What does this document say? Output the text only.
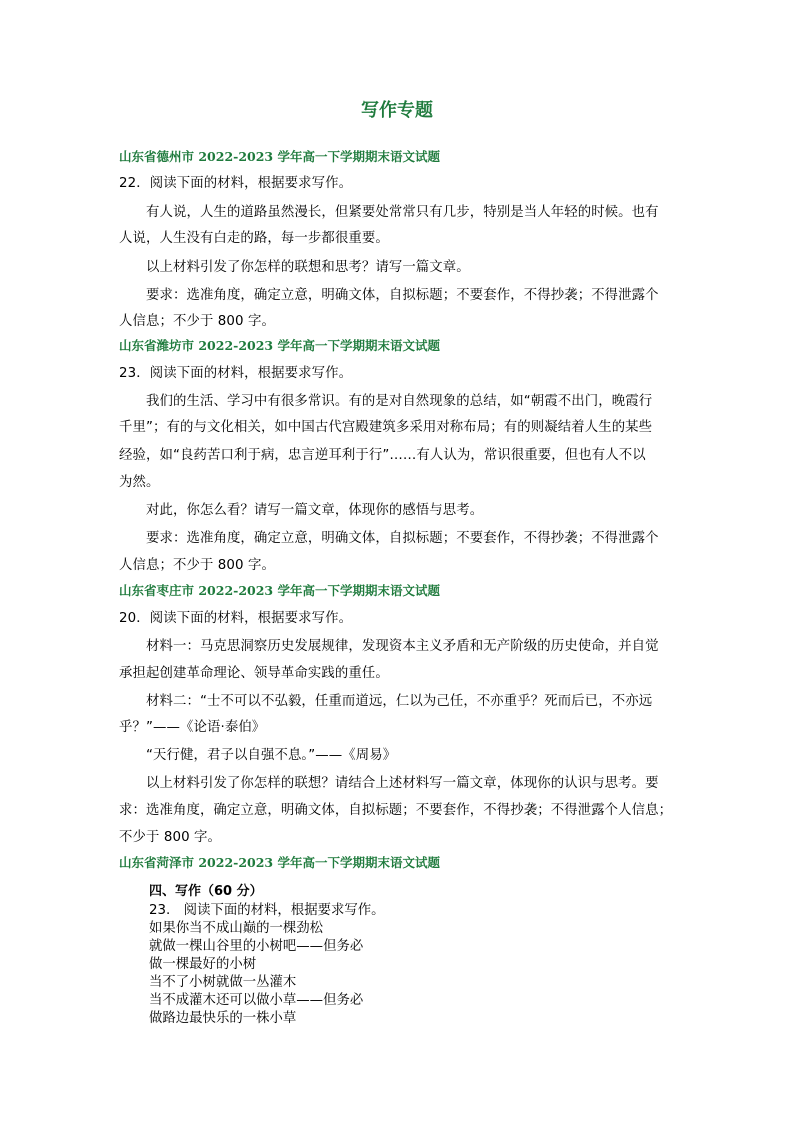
写作专题
山东省德州市 2022-2023 学年高一下学期期末语文试题
22．阅读下面的材料，根据要求写作。
有人说，人生的道路虽然漫长，但紧要处常常只有几步，特别是当人年轻的时候。也有
人说，人生没有白走的路，每一步都很重要。
以上材料引发了你怎样的联想和思考？请写一篇文章。
要求：选准角度，确定立意，明确文体，自拟标题；不要套作，不得抄袭；不得泄露个
人信息；不少于 800 字。
山东省潍坊市 2022-2023 学年高一下学期期末语文试题
23．阅读下面的材料，根据要求写作。
我们的生活、学习中有很多常识。有的是对自然现象的总结，如“朝霞不出门，晚霞行
千里”；有的与文化相关，如中国古代宫殿建筑多采用对称布局；有的则凝结着人生的某些
经验，如“良药苦口利于病，忠言逆耳利于行”……有人认为，常识很重要，但也有人不以
为然。
对此，你怎么看？请写一篇文章，体现你的感悟与思考。
要求：选准角度，确定立意，明确文体，自拟标题；不要套作，不得抄袭；不得泄露个
人信息；不少于 800 字。
山东省枣庄市 2022-2023 学年高一下学期期末语文试题
20．阅读下面的材料，根据要求写作。
材料一：马克思洞察历史发展规律，发现资本主义矛盾和无产阶级的历史使命，并自觉
承担起创建革命理论、领导革命实践的重任。
材料二：“士不可以不弘毅，任重而道远，仁以为己任，不亦重乎？死而后已，不亦远
乎？”——《论语·泰伯》
“天行健，君子以自强不息。”——《周易》
以上材料引发了你怎样的联想？请结合上述材料写一篇文章，体现你的认识与思考。要
求：选准角度，确定立意，明确文体，自拟标题；不要套作，不得抄袭；不得泄露个人信息；
不少于 800 字。
山东省菏泽市 2022-2023 学年高一下学期期末语文试题
四、写作（60 分）
23.　阅读下面的材料，根据要求写作。
如果你当不成山巅的一棵劲松
就做一棵山谷里的小树吧——但务必
做一棵最好的小树
当不了小树就做一丛灌木
当不成灌木还可以做小草——但务必
做路边最快乐的一株小草
